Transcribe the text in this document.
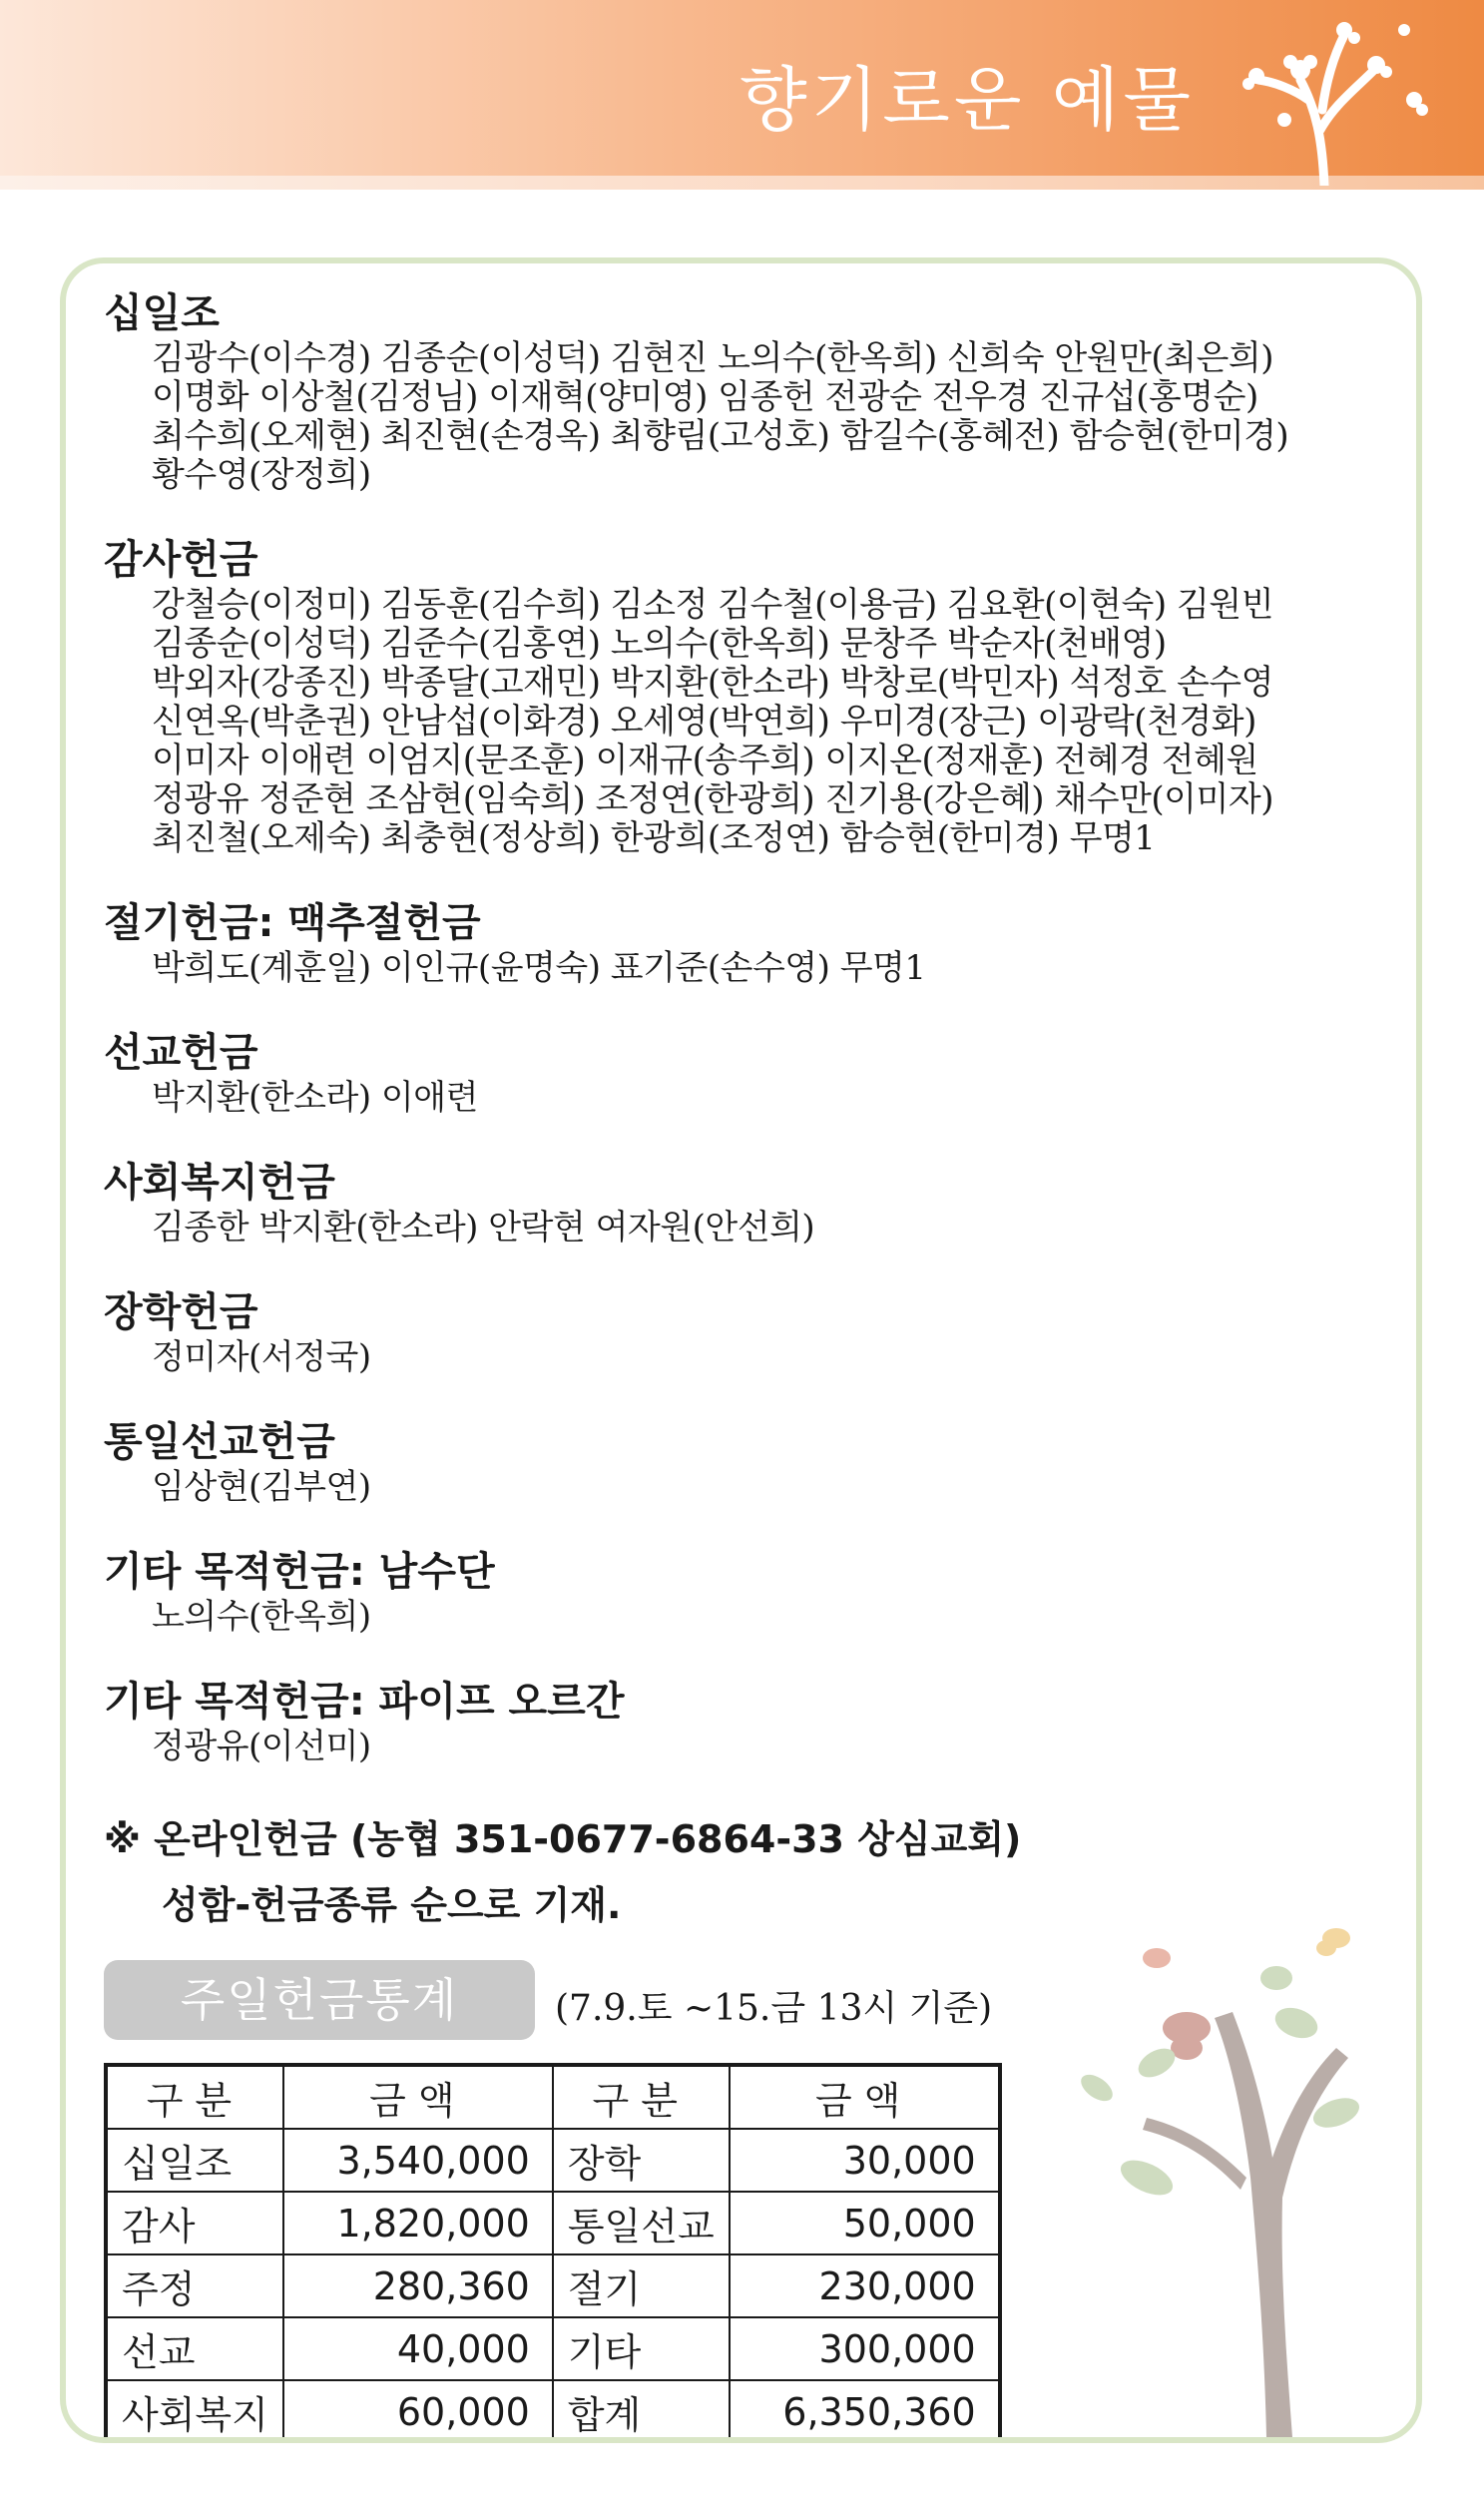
향기로운 예물
십일조
김광수(이수경) 김종순(이성덕) 김현진 노의수(한옥희) 신희숙 안원만(최은희)
이명화 이상철(김정님) 이재혁(양미영) 임종헌 전광순 전우경 진규섭(홍명순)
최수희(오제현) 최진현(손경옥) 최향림(고성호) 함길수(홍혜전) 함승현(한미경)
황수영(장정희)
감사헌금
강철승(이정미) 김동훈(김수희) 김소정 김수철(이용금) 김요환(이현숙) 김원빈
김종순(이성덕) 김준수(김홍연) 노의수(한옥희) 문창주 박순자(천배영)
박외자(강종진) 박종달(고재민) 박지환(한소라) 박창로(박민자) 석정호 손수영
신연옥(박춘권) 안남섭(이화경) 오세영(박연희) 우미경(장근) 이광락(천경화)
이미자 이애련 이엄지(문조훈) 이재규(송주희) 이지온(정재훈) 전혜경 전혜원
정광유 정준현 조삼현(임숙희) 조정연(한광희) 진기용(강은혜) 채수만(이미자)
최진철(오제숙) 최충현(정상희) 한광희(조정연) 함승현(한미경) 무명1
절기헌금: 맥추절헌금
박희도(계훈일) 이인규(윤명숙) 표기준(손수영) 무명1
선교헌금
박지환(한소라) 이애련
사회복지헌금
김종한 박지환(한소라) 안락현 여자원(안선희)
장학헌금
정미자(서정국)
통일선교헌금
임상현(김부연)
기타 목적헌금: 남수단
노의수(한옥희)
기타 목적헌금: 파이프 오르간
정광유(이선미)
※ 온라인헌금 (농협 351-0677-6864-33 상심교회)
성함-헌금종류 순으로 기재.
주일헌금통계	(7.9.토 ~15.금 13시 기준)
구분	금액	구분	금액
십일조	3,540,000	장학	30,000
감사	1,820,000	통일선교	50,000
주정	280,360	절기	230,000
선교	40,000	기타	300,000
사회복지	60,000	합계	6,350,360
